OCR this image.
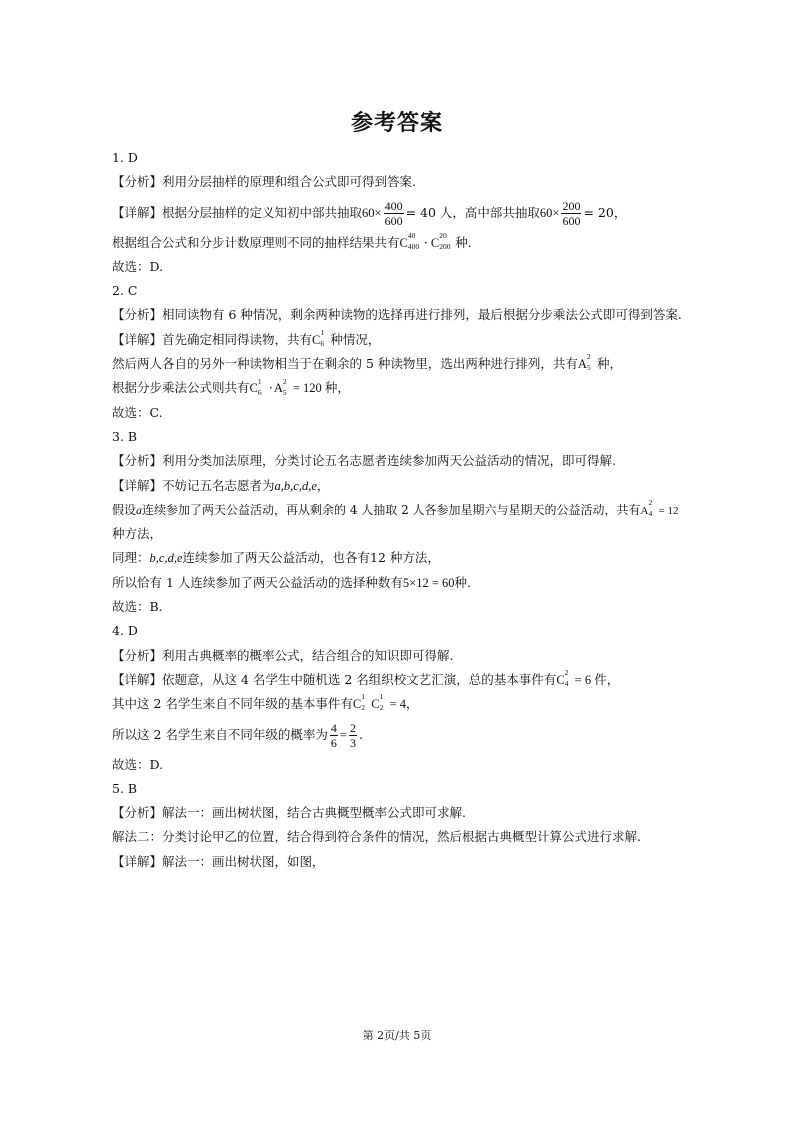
参考答案
1. D
【分析】利用分层抽样的原理和组合公式即可得到答案.
【详解】根据分层抽样的定义知初中部共抽取$60\times \frac{400}{600} = 40$ 人，高中部共抽取$60\times \frac{200}{600} = 20$，
根据组合公式和分步计数原理则不同的抽样结果共有C
40
400 · C
20
200 种.
故选：D.
2. C
【分析】相同读物有 6 种情况，剩余两种读物的选择再进行排列，最后根据分步乘法公式即可得到答案.
【详解】首先确定相同得读物，共有C
1
6 种情况，
然后两人各自的另外一种读物相当于在剩余的 5 种读物里，选出两种进行排列，共有A
2
5 种，
根据分步乘法公式则共有C
1
6 ·A
2
5 = 120 种，
故选：C.
3. B
【分析】利用分类加法原理，分类讨论五名志愿者连续参加两天公益活动的情况，即可得解.
【详解】不妨记五名志愿者为a,b,c,d,e，
假设a连续参加了两天公益活动，再从剩余的 4 人抽取 2 人各参加星期六与星期天的公益活动，共有A
2
4 = 12
种方法，
同理：b,c,d,e连续参加了两天公益活动，也各有12 种方法，
所以恰有 1 人连续参加了两天公益活动的选择种数有5×12 = 60种.
故选：B.
4. D
【分析】利用古典概率的概率公式，结合组合的知识即可得解.
【详解】依题意，从这 4 名学生中随机选 2 名组织校文艺汇演，总的基本事件有C
2
4 = 6 件，
其中这 2 名学生来自不同年级的基本事件有C
1
2 C
1
2 = 4，
所以这 2 名学生来自不同年级的概率为 $\frac{4}{6} = \frac{2}{3}$ .
故选：D.
5. B
【分析】解法一：画出树状图，结合古典概型概率公式即可求解.
解法二：分类讨论甲乙的位置，结合得到符合条件的情况，然后根据古典概型计算公式进行求解.
【详解】解法一：画出树状图，如图，
第 2页/共 5页
